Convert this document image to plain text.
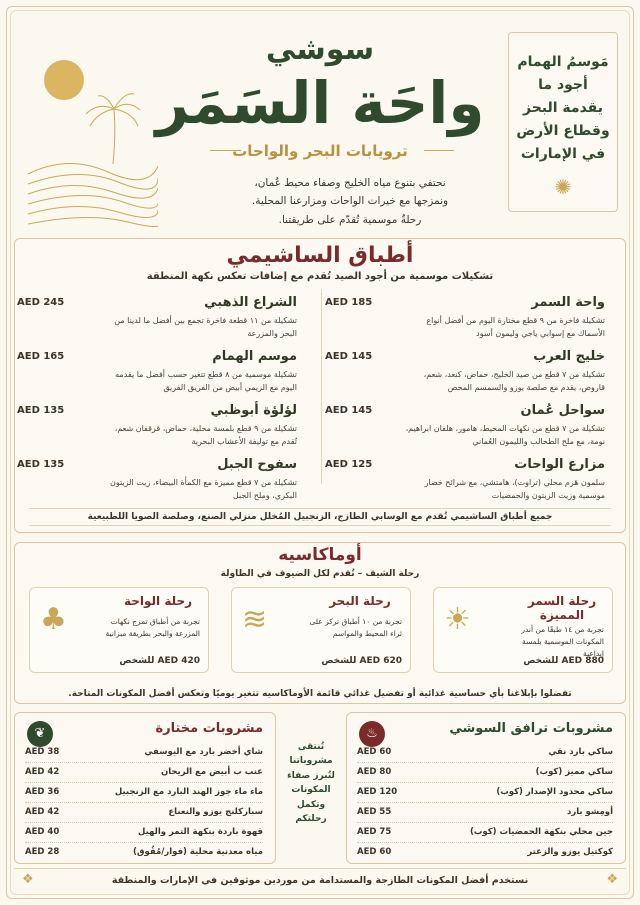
سوشي
واحَة السَمَر
ترويابات البحر والواحات
نحتفي بتنوع مياه الخليج وصفاء محيط عُمان،
ونمزجها مع خيرات الواحات ومزارعنا المحلية.
رحلةٌ موسمية تُقدّم على طريقتنا.
مَوسمُ الهمام
أجود ما
يقدمة البحز
وقطاع الأرض
في الإمارات
✺
أطباق الساشيمي
تشكيلات موسمية من أجود الصيد تُقدم مع إضافات تعكس نكهة المنطقة
واحة السمر
AED 185
تشكيلة فاخرة من ٩ قطع مختارة اليوم من أفضل أنواع الأسماك مع إسوابي ياجي وليمون أسود
الشراع الذهبي
AED 245
تشكيلة من ١١ قطعة فاخرة تجمع بين أفضل ما لدينا من البحر والمزرعة
خليج العرب
AED 145
تشكيلة من ٧ قطع من صيد الخليج، حماض، كنعد، شعم، قاروص، يقدم مع صلصة يوزو والسمسم المحص
موسم الهمام
AED 165
تشكيلة موسمية من ٨ قطع تتغير حسب أفضل ما يقدمه اليوم مع الريمي أبيض من الفريق الفريق
سواحل عُمان
AED 145
تشكيلة من ٧ قطع من نكهات المحيط، هامور، هلفان ابراهيم، نومة، مع ملح الطحالب والليمون العُماني
لؤلؤة أبوظبي
AED 135
تشكيلة من ٩ قطع بلمسة محلية، حماض، قرقفان شعم، تُقدم مع توليفة الأعشاب البحرية
مزارع الواحات
AED 125
سلمون هَزم محلي (تراوت)، هامتشي، مع شرائح خضار موسمية وزيت الزيتون والحمضيات
سفوح الجبل
AED 135
تشكيلة من ٧ قطع مميزة مع الكمأة البيضاء، زيت الزيتون البكري، وملح الجبل
جميع أطباق الساشيمي تُقدم مع الوسابي الطازج، الزنجبيل المُخلل منزلي الصنع، وصلصة الصويا اللطبيعية
أوماكاسيه
رحلة الشيف – تُقدم لكل الضيوف في الطاولة
رحلة السمر المميزة
تجربة من ١٤ طبقًا من أندر المكونات الموسمية بلمسة إبداعية
AED 880 للشخص
☀
رحلة البحر
تجربة من ١٠ أطباق تركز على ثراء المحيط والمواسم
AED 620 للشخص
≋
رحلة الواحة
تجربة من أطباق تمزج نكهات المزرعة والبحر بطريقة مبزانية
AED 420 للشخص
♣
تفضلوا بإبلاغنا بأي حساسية غذائية أو تفضيل غذائي قائمة الأوماكاسيه تتغير يوميًا وتعكس أفضل المكونات المتاحة.
♨	مشروبات ترافق السوشي
ساكي بارد نقي
AED 60
ساكي مميز (كوب)
AED 80
ساكي محدود الإصدار (كوب)
AED 120
أومِشو بارد
AED 55
جين محلي بنكهة الحمضيات (كوب)
AED 75
كوكتيل يوزو والزعتر
AED 60
تُنتقى
مشروباتنا
لتُبرز صفاء
المكونات
وتكمل
رحلتكم
❦	مشروبات مختارة
شاي أخضر بارد مع اليوسفي
AED 38
عنب ب أبيض مع الريحان
AED 42
ماء ماء جوز الهند البارد مع الزنجبيل
AED 36
سباركلنج يوزو والنعناع
AED 42
قهوة باردة بنكهة التمر والهيل
AED 40
مياه معدنية محلية (فوار/مُقُوق)
AED 28
نستخدم أفضل المكونات الطازجة والمستدامة من موردين موثوقين في الإمارات والمنطقة
❖	❖
